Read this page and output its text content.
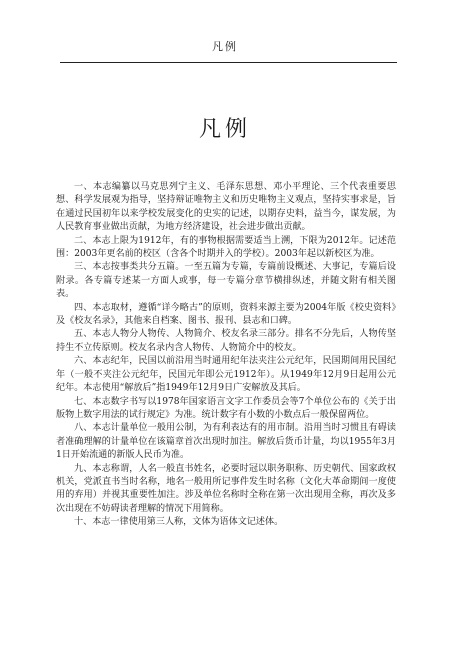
凡例
凡例

一、本志编纂以马克思列宁主义、毛泽东思想、邓小平理论、三个代表重要思想、科学发展观为指导，坚持辩证唯物主义和历史唯物主义观点，坚持实事求是，旨在通过民国初年以来学校发展变化的史实的记述，以期存史料，益当今，谋发展，为人民教育事业做出贡献，为地方经济建设，社会进步做出贡献。

二、本志上限为1912年，有的事物根据需要适当上溯，下限为2012年。记述范围：2003年更名前的校区（含各个时期并入的学校）。2003年起以新校区为准。

三、本志按事类共分五篇。一至五篇为专篇，专篇前设概述、大事记，专篇后设附录。各专篇专述某一方面人或事，每一专篇分章节横排纵述，并随文附有相关图表。

四、本志取材，遵循“详今略古”的原则，资料来源主要为2004年版《校史资料》及《校友名录》，其他来自档案、图书、报刊、县志和口碑。

五、本志人物分人物传、人物简介、校友名录三部分。排名不分先后，人物传坚持生不立传原则。校友名录内含人物传、人物简介中的校友。

六、本志纪年，民国以前沿用当时通用纪年法夹注公元纪年，民国期间用民国纪年（一般不夹注公元纪年，民国元年即公元1912年）。从1949年12月9日起用公元纪年。本志使用“解放后”指1949年12月9日广安解放及其后。

七、本志数字书写以1978年国家语言文字工作委员会等7个单位公布的《关于出版物上数字用法的试行规定》为准。统计数字有小数的小数点后一般保留两位。

八、本志计量单位一般用公制，为有利表达有的用市制。沿用当时习惯且有碍读者准确理解的计量单位在该篇章首次出现时加注。解放后货币计量，均以1955年3月1日开始流通的新版人民币为准。

九、本志称谓，人名一般直书姓名，必要时冠以职务职称、历史朝代、国家政权机关，党派直书当时名称，地名一般用所记事件发生时名称（文化大革命期间一度使用的弃用）并视其重要性加注。涉及单位名称时全称在第一次出现用全称，再次及多次出现在不妨碍读者理解的情况下用简称。

十、本志一律使用第三人称，文体为语体文记述体。
